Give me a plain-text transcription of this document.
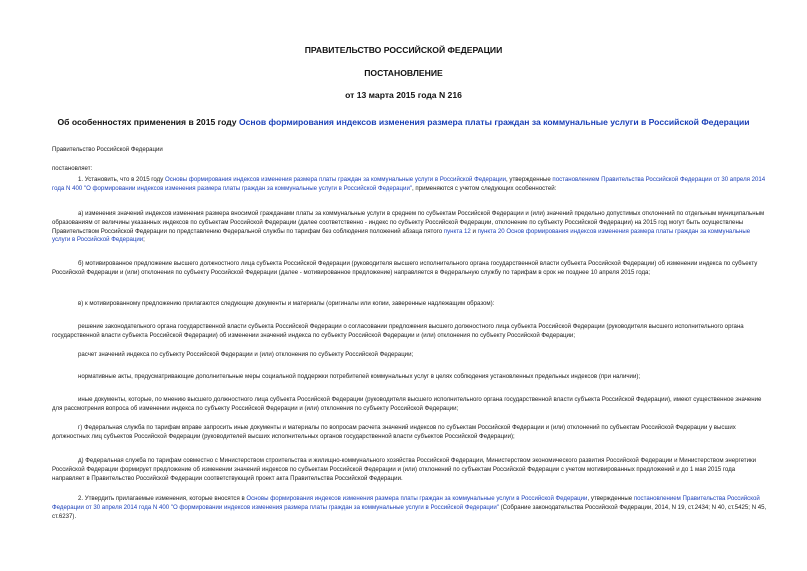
ПРАВИТЕЛЬСТВО РОССИЙСКОЙ ФЕДЕРАЦИИ
ПОСТАНОВЛЕНИЕ
от 13 марта 2015 года N 216
Об особенностях применения в 2015 году Основ формирования индексов изменения размера платы граждан за коммунальные услуги в Российской Федерации
Правительство Российской Федерации
постановляет:
1. Установить, что в 2015 году Основы формирования индексов изменения размера платы граждан за коммунальные услуги в Российской Федерации, утвержденные постановлением Правительства Российской Федерации от 30 апреля 2014 года N 400 "О формировании индексов изменения размера платы граждан за коммунальные услуги в Российской Федерации", применяются с учетом следующих особенностей:
а) изменения значений индексов изменения размера вносимой гражданами платы за коммунальные услуги в среднем по субъектам Российской Федерации и (или) значений предельно допустимых отклонений по отдельным муниципальным образованиям от величины указанных индексов по субъектам Российской Федерации (далее соответственно - индекс по субъекту Российской Федерации, отклонение по субъекту Российской Федерации) на 2015 год могут быть осуществлены Правительством Российской Федерации по представлению Федеральной службы по тарифам без соблюдения положений абзаца пятого пункта 12 и пункта 20 Основ формирования индексов изменения размера платы граждан за коммунальные услуги в Российской Федерации;
б) мотивированное предложение высшего должностного лица субъекта Российской Федерации (руководителя высшего исполнительного органа государственной власти субъекта Российской Федерации) об изменении индекса по субъекту Российской Федерации и (или) отклонения по субъекту Российской Федерации (далее - мотивированное предложение) направляется в Федеральную службу по тарифам в срок не позднее 10 апреля 2015 года;
в) к мотивированному предложению прилагаются следующие документы и материалы (оригиналы или копии, заверенные надлежащим образом):
решение законодательного органа государственной власти субъекта Российской Федерации о согласовании предложения высшего должностного лица субъекта Российской Федерации (руководителя высшего исполнительного органа государственной власти субъекта Российской Федерации) об изменении значений индекса по субъекту Российской Федерации и (или) отклонения по субъекту Российской Федерации;
расчет значений индекса по субъекту Российской Федерации и (или) отклонения по субъекту Российской Федерации;
нормативные акты, предусматривающие дополнительные меры социальной поддержки потребителей коммунальных услуг в целях соблюдения установленных предельных индексов (при наличии);
иные документы, которые, по мнению высшего должностного лица субъекта Российской Федерации (руководителя высшего исполнительного органа государственной власти субъекта Российской Федерации), имеют существенное значение для рассмотрения вопроса об изменении индекса по субъекту Российской Федерации и (или) отклонения по субъекту Российской Федерации;
г) Федеральная служба по тарифам вправе запросить иные документы и материалы по вопросам расчета значений индексов по субъектам Российской Федерации и (или) отклонений по субъектам Российской Федерации у высших должностных лиц субъектов Российской Федерации (руководителей высших исполнительных органов государственной власти субъектов Российской Федерации);
д) Федеральная служба по тарифам совместно с Министерством строительства и жилищно-коммунального хозяйства Российской Федерации, Министерством экономического развития Российской Федерации и Министерством энергетики Российской Федерации формирует предложение об изменении значений индексов по субъектам Российской Федерации и (или) отклонений по субъектам Российской Федерации с учетом мотивированных предложений и до 1 мая 2015 года направляет в Правительство Российской Федерации соответствующий проект акта Правительства Российской Федерации.
2. Утвердить прилагаемые изменения, которые вносятся в Основы формирования индексов изменения размера платы граждан за коммунальные услуги в Российской Федерации, утвержденные постановлением Правительства Российской Федерации от 30 апреля 2014 года N 400 "О формировании индексов изменения размера платы граждан за коммунальные услуги в Российской Федерации" (Собрание законодательства Российской Федерации, 2014, N 19, ст.2434; N 40, ст.5425; N 45, ст.6237).
